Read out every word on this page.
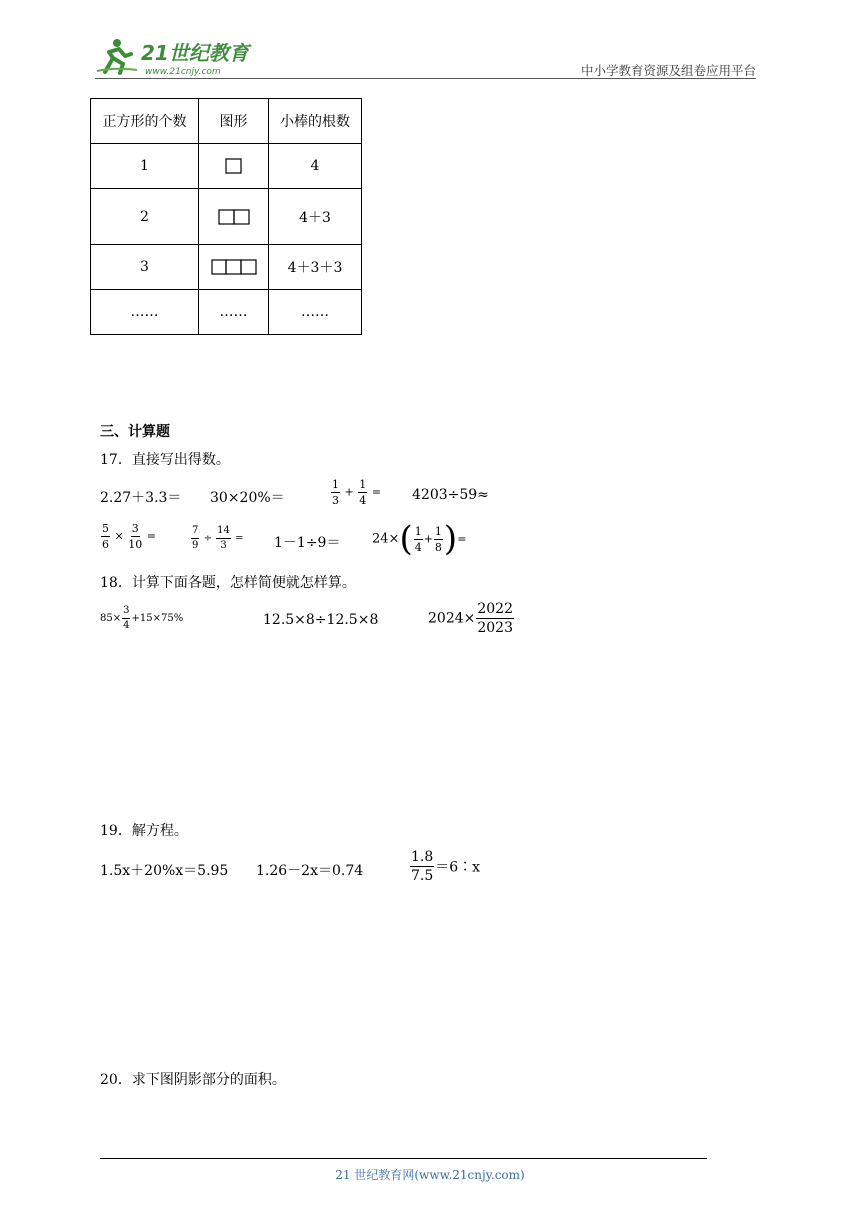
21世纪教育
www.21cnjy.com	中小学教育资源及组卷应用平台
正方形的个数	图形	小棒的根数
1		4
2		4＋3
3		4＋3＋3
……	……	……
三、计算题
17．直接写出得数。
2.27＋3.3＝ 30×20%＝	$\frac{1}{3} + \frac{1}{4} = 4203\div 59\approx$
$\frac{5}{6} \times \frac{3}{10}$ =	$\frac{7}{9} \div \frac{14}{3} = 1-1\div 9= 24\times( \frac{1}{4} + \frac{1}{8}$ )=
18．计算下面各题，怎样简便就怎样算。
$85\times \frac{3}{4} +15\times 75\%$	12.5×8÷12.5×8	$2024\times \frac{2022}{2023}$
19．解方程。
1.5x＋20%x＝5.95 1.26－2x＝0.74	$\frac{1.8}{7.5}$ ＝6∶x
20．求下图阴影部分的面积。
21 世纪教育网(www.21cnjy.com)
